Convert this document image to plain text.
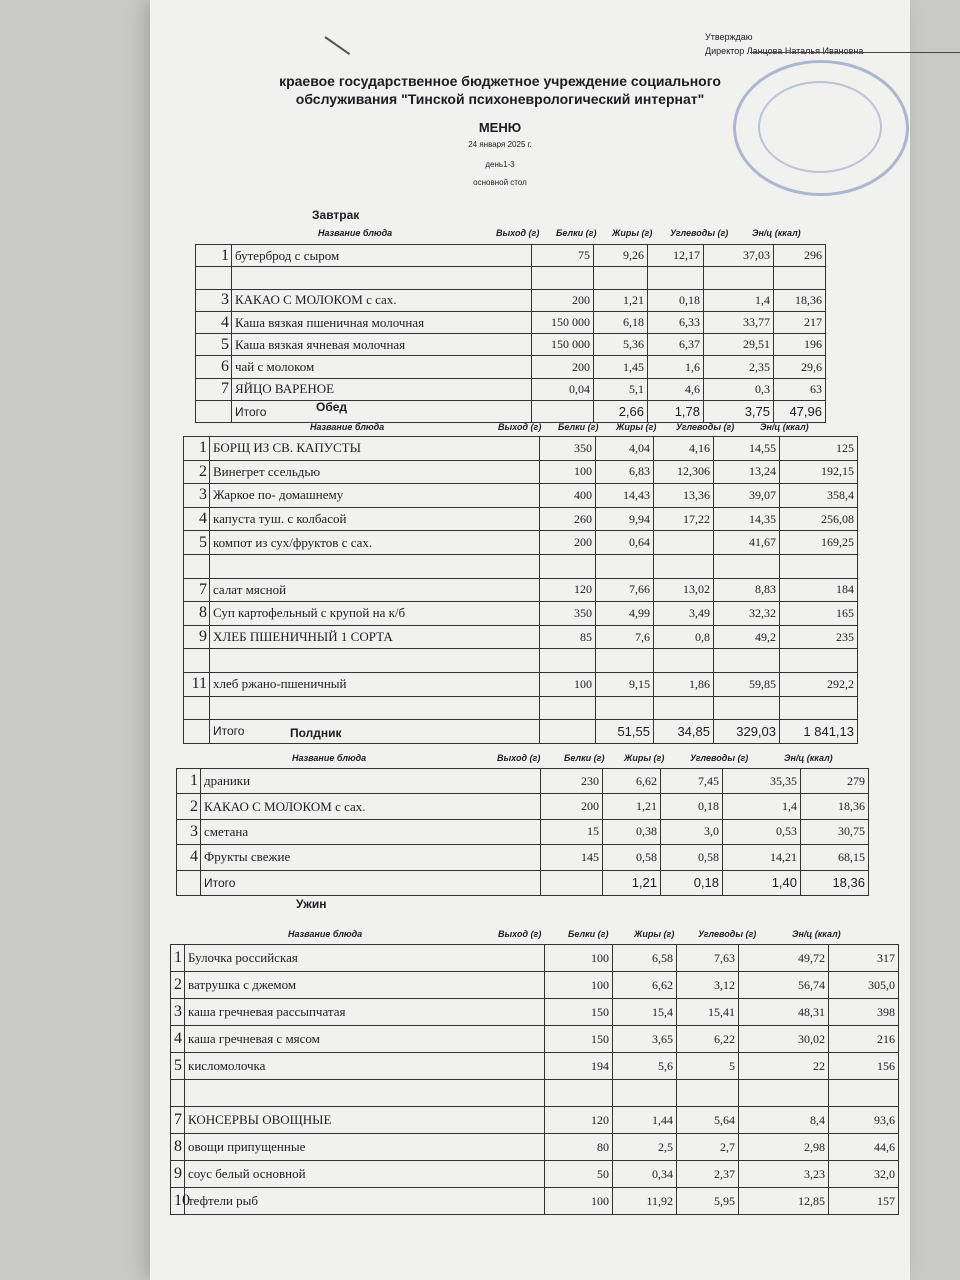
Утверждаю
Директор Ланцова Наталья Ивановна
краевое государственное бюджетное учреждение социального
обслуживания "Тинской психоневрологический интернат"
МЕНЮ
24 января 2025 г.
день1-3
основной стол
Завтрак
Название блюда	Выход (г) Белки (г) Жиры (г) Углеводы (г)	Эн/ц (ккал)
1	бутерброд с сыром	75	9,26	12,17	37,03	296

3	КАКАО С МОЛОКОМ с сах.	200	1,21	0,18	1,4	18,36
4	Каша вязкая пшеничная молочная	150 000	6,18	6,33	33,77	217
5	Каша вязкая ячневая молочная	150 000	5,36	6,37	29,51	196
6	чай с молоком	200	1,45	1,6	2,35	29,6
7	ЯЙЦО ВАРЕНОЕ	0,04	5,1	4,6	0,3	63
	Итого		2,66	1,78	3,75	47,96
Обед
Название блюда	Выход (г) Белки (г) Жиры (г) Углеводы (г)	Эн/ц (ккал)
1	БОРЩ ИЗ СВ. КАПУСТЫ	350	4,04	4,16	14,55	125
2	Винегрет ссельдью	100	6,83	12,306	13,24	192,15
3	Жаркое по- домашнему	400	14,43	13,36	39,07	358,4
4	капуста туш. с колбасой	260	9,94	17,22	14,35	256,08
5	компот из сух/фруктов с сах.	200	0,64		41,67	169,25

7	салат мясной	120	7,66	13,02	8,83	184
8	Суп картофельный с крупой на к/б	350	4,99	3,49	32,32	165
9	ХЛЕБ ПШЕНИЧНЫЙ 1 СОРТА	85	7,6	0,8	49,2	235

11	хлеб ржано-пшеничный	100	9,15	1,86	59,85	292,2

	Итого		51,55	34,85	329,03	1 841,13
Полдник
Название блюда	Выход (г)	Белки (г) Жиры (г)	Углеводы (г)	Эн/ц (ккал)
1	драники	230	6,62	7,45	35,35	279
2	КАКАО С МОЛОКОМ с сах.	200	1,21	0,18	1,4	18,36
3	сметана	15	0,38	3,0	0,53	30,75
4	Фрукты свежие	145	0,58	0,58	14,21	68,15
	Итого		1,21	0,18	1,40	18,36
Ужин
Название блюда	Выход (г)	Белки (г)	Жиры (г)	Углеводы (г)	Эн/ц (ккал)
1	Булочка российская	100	6,58	7,63	49,72	317
2	ватрушка с джемом	100	6,62	3,12	56,74	305,0
3	каша гречневая рассыпчатая	150	15,4	15,41	48,31	398
4	каша гречневая с мясом	150	3,65	6,22	30,02	216
5	кисломолочка	194	5,6	5	22	156

7	КОНСЕРВЫ ОВОЩНЫЕ	120	1,44	5,64	8,4	93,6
8	овощи припущенные	80	2,5	2,7	2,98	44,6
9	соус белый основной	50	0,34	2,37	3,23	32,0
10	тефтели рыб	100	11,92	5,95	12,85	157
